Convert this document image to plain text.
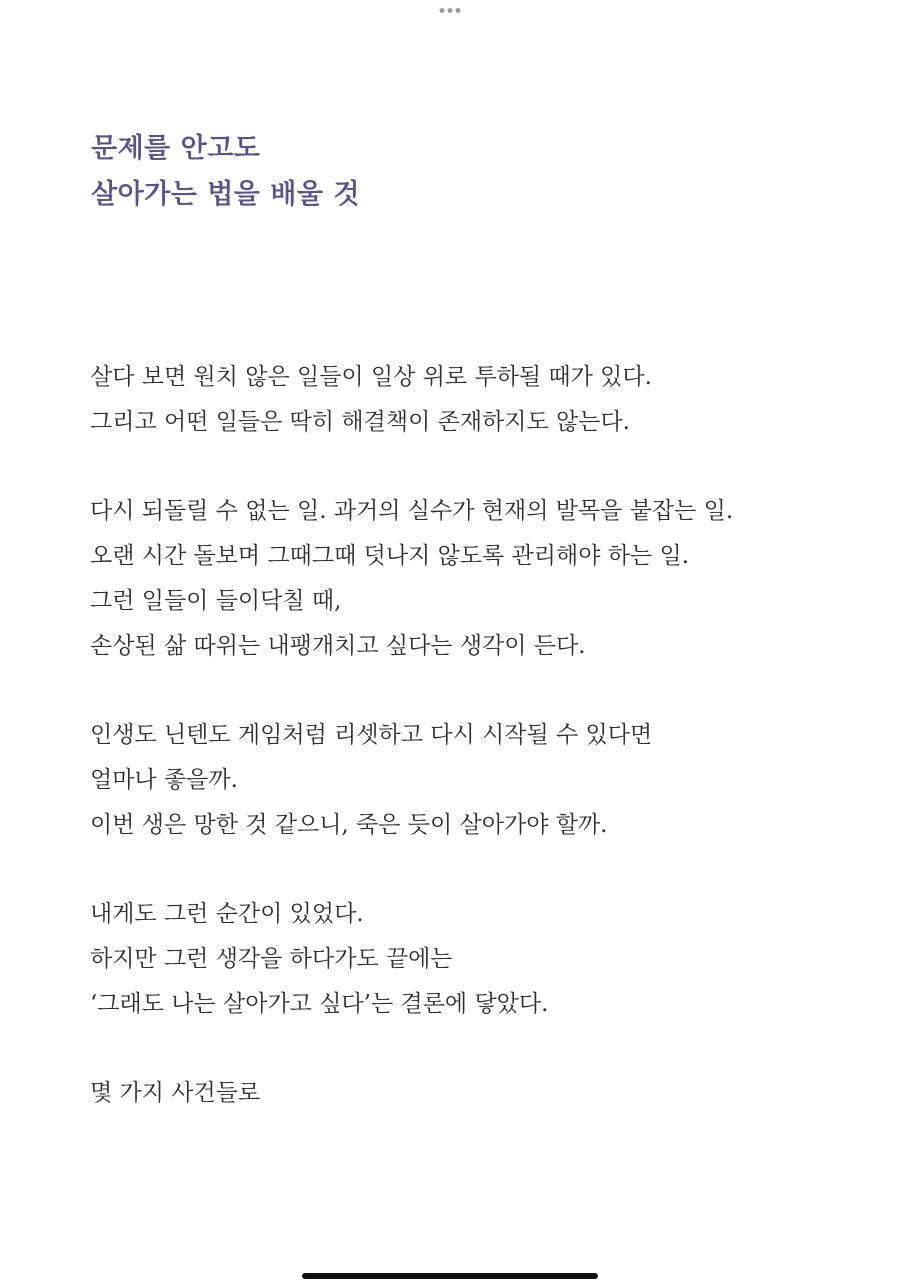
문제를 안고도
살아가는 법을 배울 것

살다 보면 원치 않은 일들이 일상 위로 투하될 때가 있다.
그리고 어떤 일들은 딱히 해결책이 존재하지도 않는다.

다시 되돌릴 수 없는 일. 과거의 실수가 현재의 발목을 붙잡는 일.
오랜 시간 돌보며 그때그때 덧나지 않도록 관리해야 하는 일.
그런 일들이 들이닥칠 때,
손상된 삶 따위는 내팽개치고 싶다는 생각이 든다.

인생도 닌텐도 게임처럼 리셋하고 다시 시작될 수 있다면
얼마나 좋을까.
이번 생은 망한 것 같으니, 죽은 듯이 살아가야 할까.

내게도 그런 순간이 있었다.
하지만 그런 생각을 하다가도 끝에는
‘그래도 나는 살아가고 싶다’는 결론에 닿았다.

몇 가지 사건들로
